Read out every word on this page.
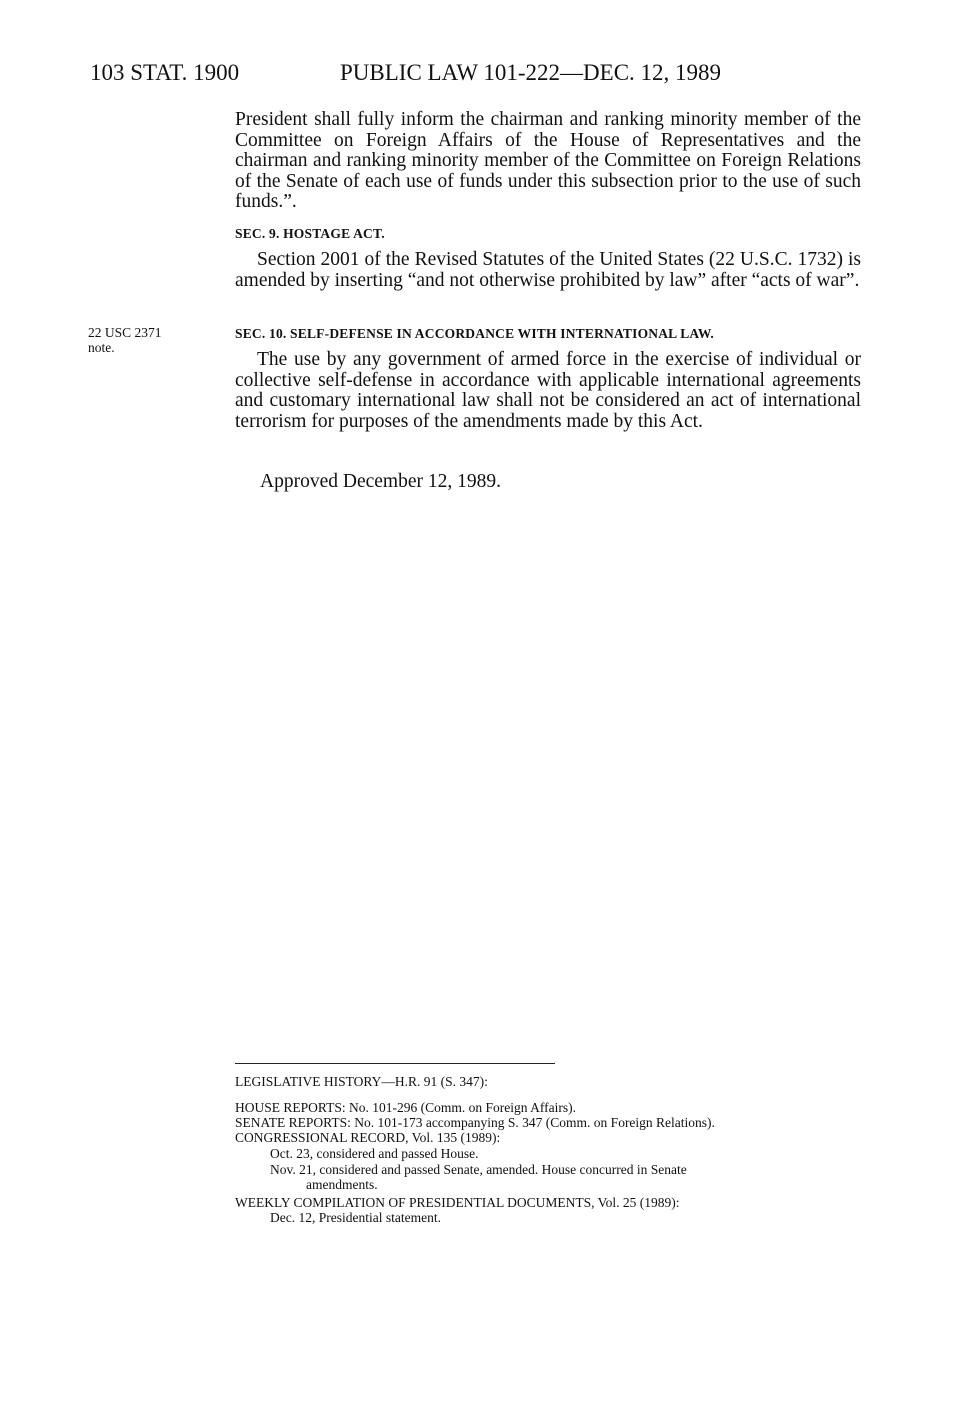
103 STAT. 1900	PUBLIC LAW 101-222—DEC. 12, 1989

President shall fully inform the chairman and ranking minority member of the Committee on Foreign Affairs of the House of Representatives and the chairman and ranking minority member of the Committee on Foreign Relations of the Senate of each use of funds under this subsection prior to the use of such funds.”.

SEC. 9. HOSTAGE ACT.

Section 2001 of the Revised Statutes of the United States (22 U.S.C. 1732) is amended by inserting “and not otherwise prohibited by law” after “acts of war”.

22 USC 2371
note.

SEC. 10. SELF-DEFENSE IN ACCORDANCE WITH INTERNATIONAL LAW.

The use by any government of armed force in the exercise of individual or collective self-defense in accordance with applicable international agreements and customary international law shall not be considered an act of international terrorism for purposes of the amendments made by this Act.

Approved December 12, 1989.

LEGISLATIVE HISTORY—H.R. 91 (S. 347):

HOUSE REPORTS: No. 101-296 (Comm. on Foreign Affairs).

SENATE REPORTS: No. 101-173 accompanying S. 347 (Comm. on Foreign Relations).

CONGRESSIONAL RECORD, Vol. 135 (1989):

Oct. 23, considered and passed House.

Nov. 21, considered and passed Senate, amended. House concurred in Senate
amendments.

WEEKLY COMPILATION OF PRESIDENTIAL DOCUMENTS, Vol. 25 (1989):

Dec. 12, Presidential statement.
